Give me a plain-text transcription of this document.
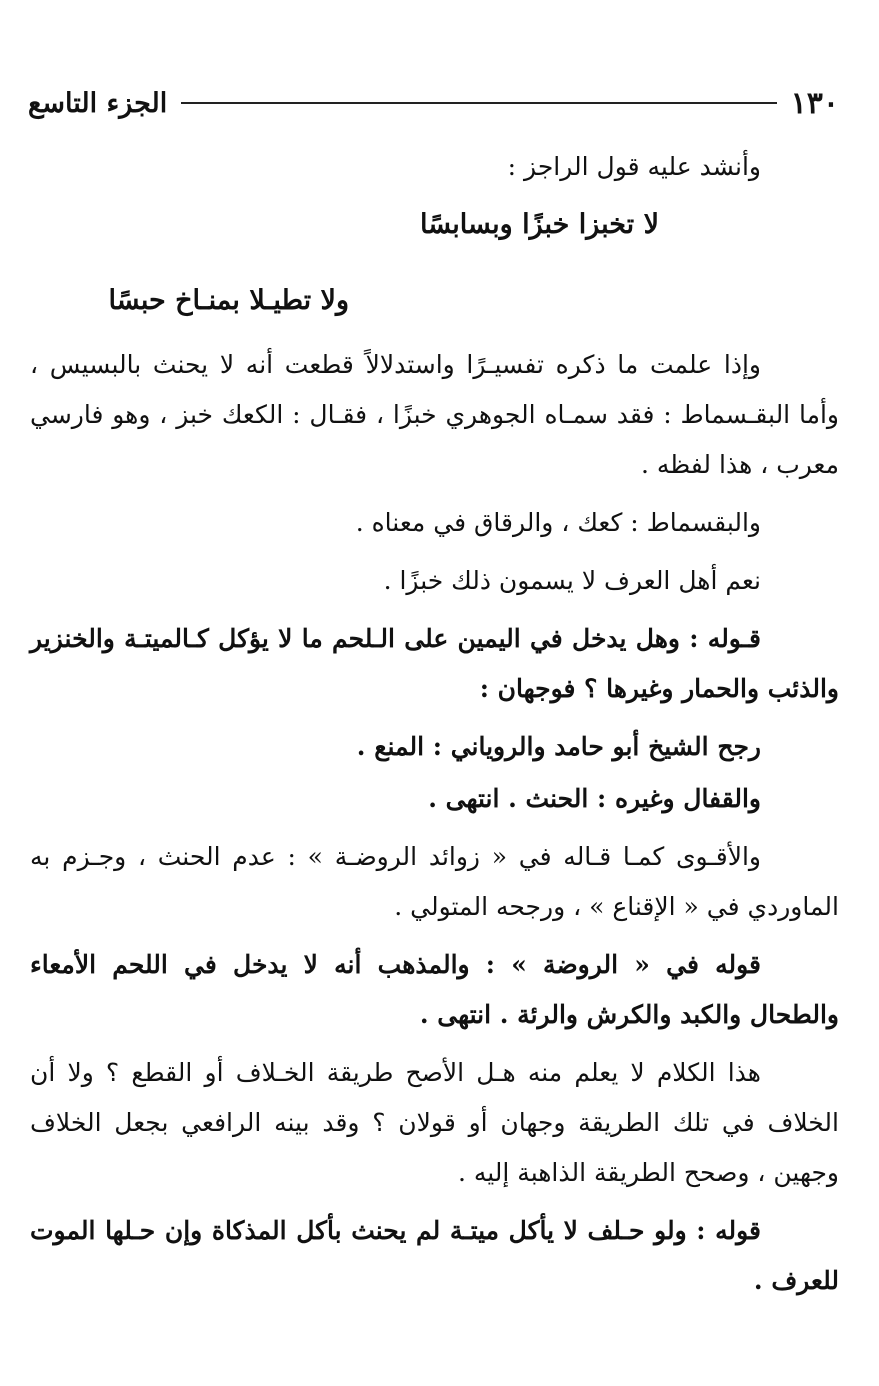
١٣٠
الجزء التاسع

وأنشد عليه قول الراجز :

لا تخبزا خبزًا وبسابسًا

ولا تطيـلا بمنـاخ حبسًا

وإذا علمت ما ذكره تفسيـرًا واستدلالاً قطعت أنه لا يحنث بالبسيس ، وأما البقـسماط : فقد سمـاه الجوهري خبزًا ، فقـال : الكعك خبز ، وهو فارسي معرب ، هذا لفظه .

والبقسماط : كعك ، والرقاق في معناه .

نعم أهل العرف لا يسمون ذلك خبزًا .

قـوله : وهل يدخل في اليمين على الـلحم ما لا يؤكل كـالميتـة والخنزير والذئب والحمار وغيرها ؟ فوجهان :

رجح الشيخ أبو حامد والروياني : المنع .

والقفال وغيره : الحنث . انتهى .

والأقـوى كمـا قـاله في « زوائد الروضـة » : عدم الحنث ، وجـزم به الماوردي في « الإقناع » ، ورجحه المتولي .

قوله في « الروضة » : والمذهب أنه لا يدخل في اللحم الأمعاء والطحال والكبد والكرش والرئة . انتهى .

هذا الكلام لا يعلم منه هـل الأصح طريقة الخـلاف أو القطع ؟ ولا أن الخلاف في تلك الطريقة وجهان أو قولان ؟ وقد بينه الرافعي بجعل الخلاف وجهين ، وصحح الطريقة الذاهبة إليه .

قوله : ولو حـلف لا يأكل ميتـة لم يحنث بأكل المذكاة وإن حـلها الموت للعرف .
